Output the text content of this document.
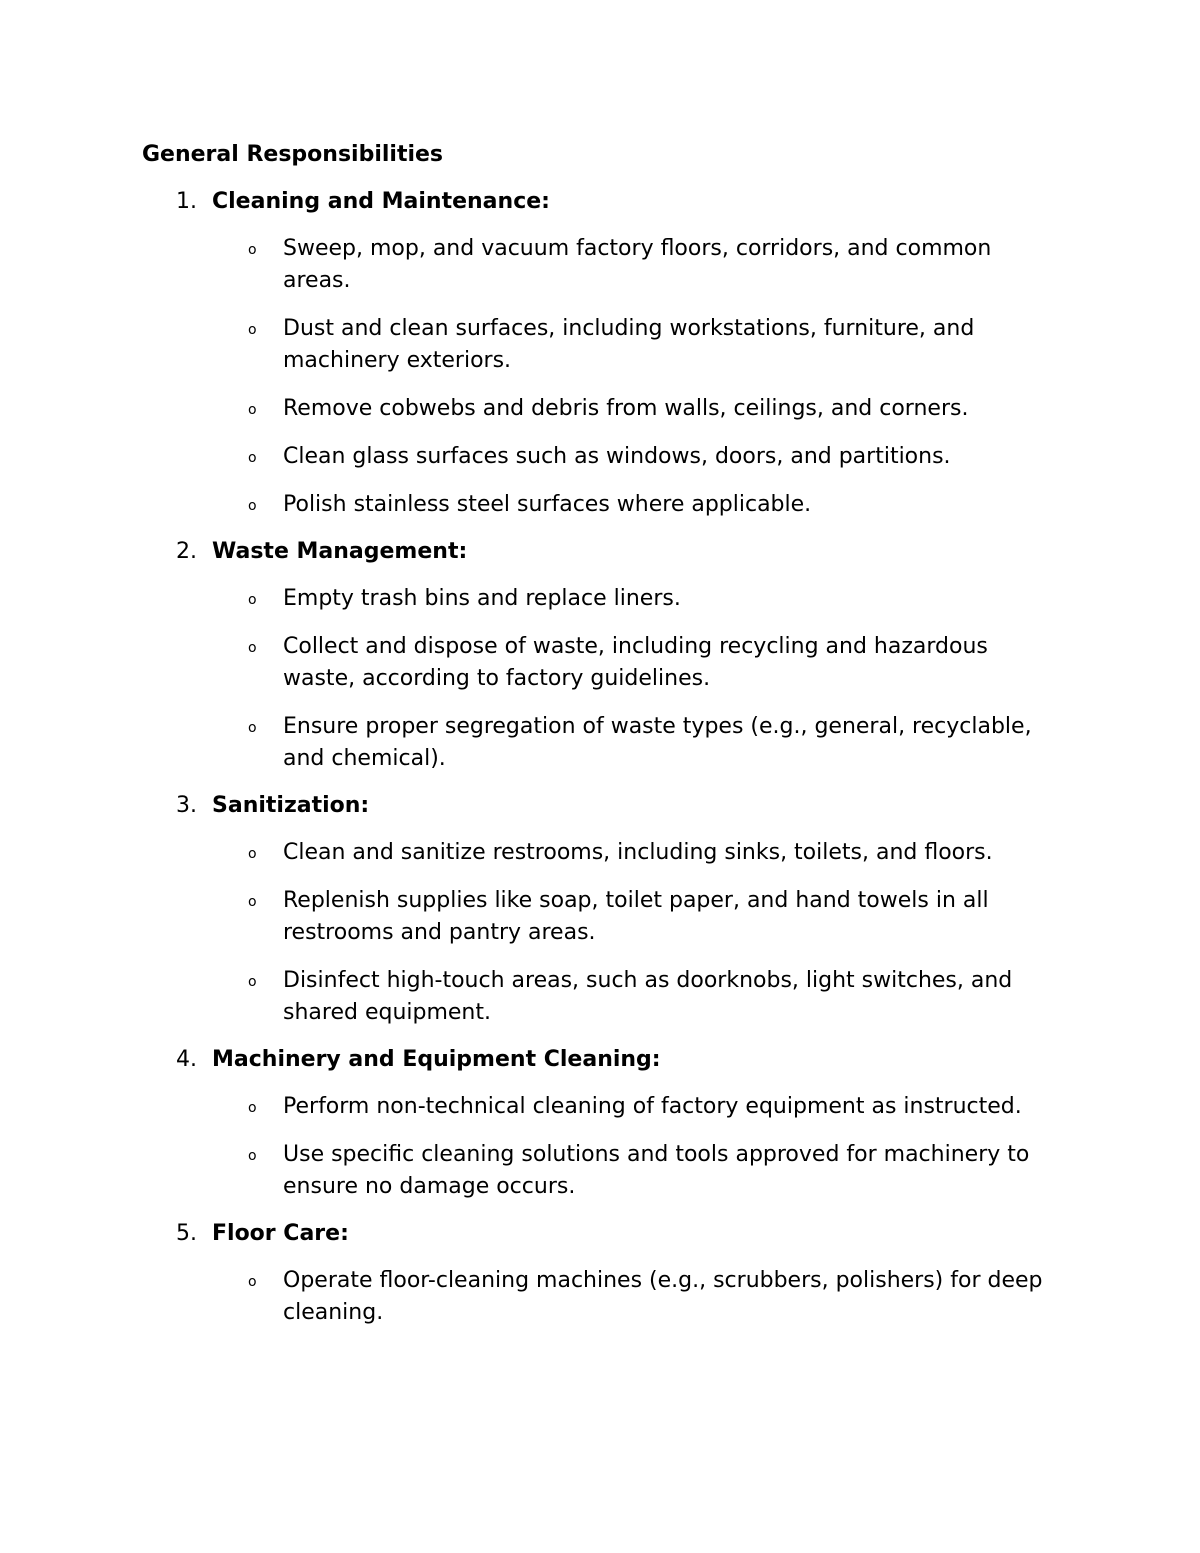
General Responsibilities
1. Cleaning and Maintenance:
o Sweep, mop, and vacuum factory floors, corridors, and common areas.
o Dust and clean surfaces, including workstations, furniture, and machinery exteriors.
o Remove cobwebs and debris from walls, ceilings, and corners.
o Clean glass surfaces such as windows, doors, and partitions.
o Polish stainless steel surfaces where applicable.
2. Waste Management:
o Empty trash bins and replace liners.
o Collect and dispose of waste, including recycling and hazardous waste, according to factory guidelines.
o Ensure proper segregation of waste types (e.g., general, recyclable, and chemical).
3. Sanitization:
o Clean and sanitize restrooms, including sinks, toilets, and floors.
o Replenish supplies like soap, toilet paper, and hand towels in all restrooms and pantry areas.
o Disinfect high-touch areas, such as doorknobs, light switches, and shared equipment.
4. Machinery and Equipment Cleaning:
o Perform non-technical cleaning of factory equipment as instructed.
o Use specific cleaning solutions and tools approved for machinery to ensure no damage occurs.
5. Floor Care:
o Operate floor-cleaning machines (e.g., scrubbers, polishers) for deep cleaning.
